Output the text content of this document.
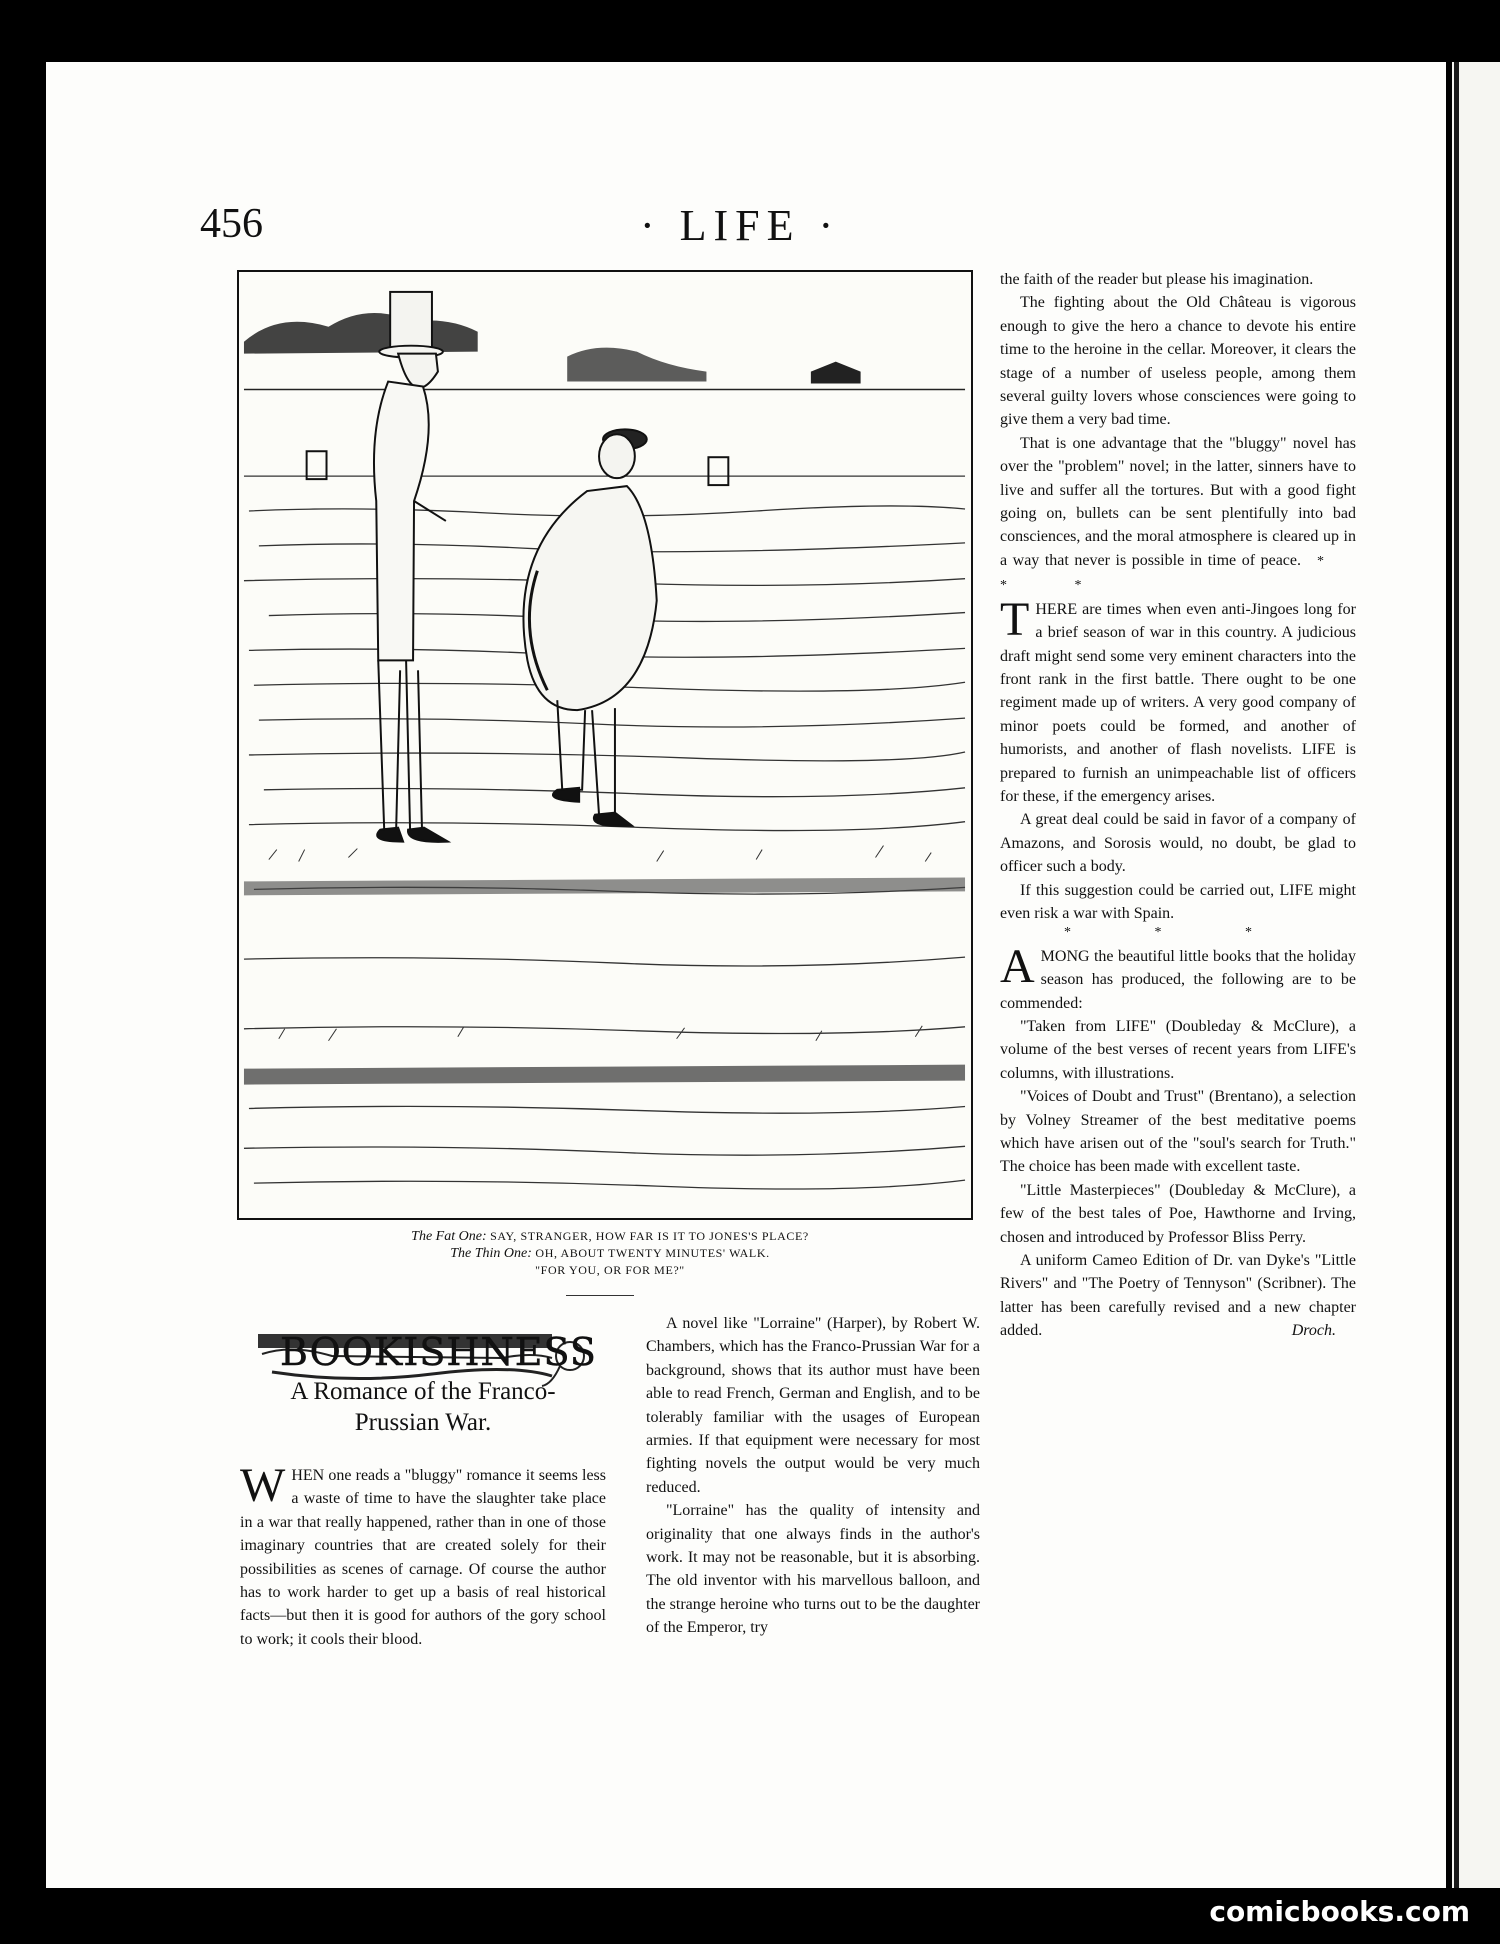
456	· LIFE ·
The Fat One: SAY, STRANGER, HOW FAR IS IT TO JONES'S PLACE?
The Thin One: OH, ABOUT TWENTY MINUTES' WALK.
"FOR YOU, OR FOR ME?"
BOOKISHNESS
A Romance of the Franco-
Prussian War.

WHEN one reads a "bluggy" romance it seems less a waste of time to have the slaughter take place in a war that really happened, rather than in one of those imaginary countries that are created solely for their possibilities as scenes of carnage. Of course the author has to work harder to get up a basis of real historical facts—but then it is good for authors of the gory school to work; it cools their blood.

A novel like "Lorraine" (Harper), by Robert W. Chambers, which has the Franco-Prussian War for a background, shows that its author must have been able to read French, German and English, and to be tolerably familiar with the usages of European armies. If that equipment were necessary for most fighting novels the output would be very much reduced.

"Lorraine" has the quality of intensity and originality that one always finds in the author's work. It may not be reasonable, but it is absorbing. The old inventor with his marvellous balloon, and the strange heroine who turns out to be the daughter of the Emperor, try

the faith of the reader but please his imagination.

The fighting about the Old Château is vigorous enough to give the hero a chance to devote his entire time to the heroine in the cellar. Moreover, it clears the stage of a number of useless people, among them several guilty lovers whose consciences were going to give them a very bad time.

That is one advantage that the "bluggy" novel has over the "problem" novel; in the latter, sinners have to live and suffer all the tortures. But with a good fight going on, bullets can be sent plentifully into bad consciences, and the moral atmosphere is cleared up in a way that never is possible in time of peace. * * *

THERE are times when even anti-Jingoes long for a brief season of war in this country. A judicious draft might send some very eminent characters into the front rank in the first battle. There ought to be one regiment made up of writers. A very good company of minor poets could be formed, and another of humorists, and another of flash novelists. LIFE is prepared to furnish an unimpeachable list of officers for these, if the emergency arises.

A great deal could be said in favor of a company of Amazons, and Sorosis would, no doubt, be glad to officer such a body.

If this suggestion could be carried out, LIFE might even risk a war with Spain.

* * *

AMONG the beautiful little books that the holiday season has produced, the following are to be commended:

"Taken from LIFE" (Doubleday & McClure), a volume of the best verses of recent years from LIFE's columns, with illustrations.

"Voices of Doubt and Trust" (Brentano), a selection by Volney Streamer of the best meditative poems which have arisen out of the "soul's search for Truth." The choice has been made with excellent taste.

"Little Masterpieces" (Doubleday & McClure), a few of the best tales of Poe, Hawthorne and Irving, chosen and introduced by Professor Bliss Perry.

A uniform Cameo Edition of Dr. van Dyke's "Little Rivers" and "The Poetry of Tennyson" (Scribner). The latter has been carefully revised and a new chapter added.	Droch.

comicbooks.com
